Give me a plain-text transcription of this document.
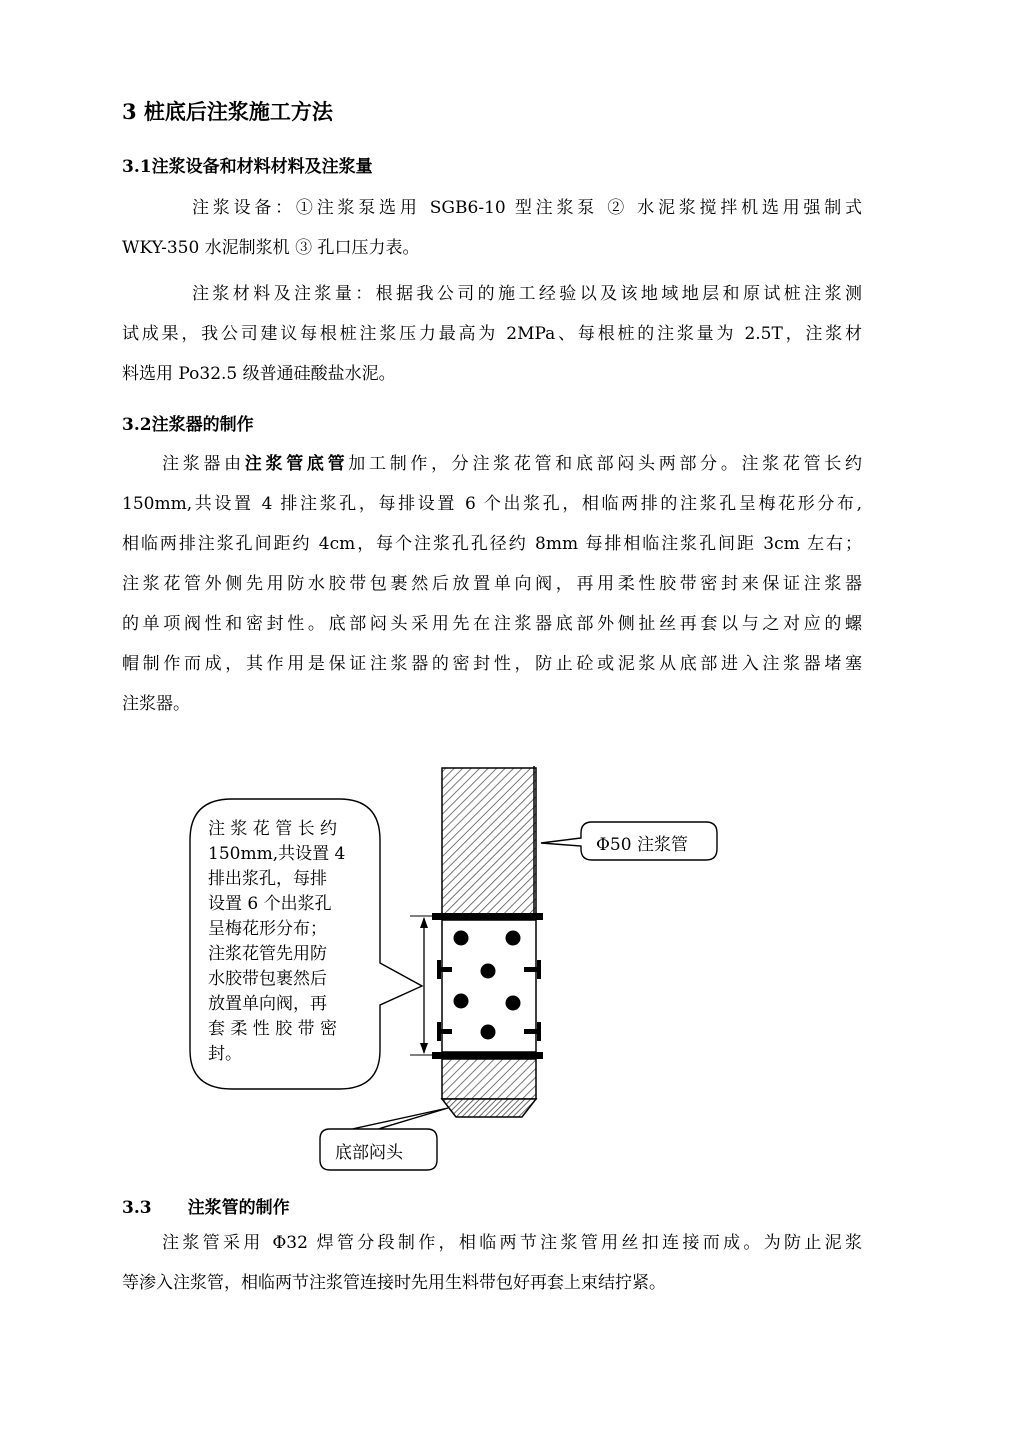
3 桩底后注浆施工方法
3.1注浆设备和材料材料及注浆量
注浆设备：①注浆泵选用 SGB6-10 型注浆泵 ② 水泥浆搅拌机选用强制式
WKY-350 水泥制浆机 ③ 孔口压力表。
注浆材料及注浆量：根据我公司的施工经验以及该地域地层和原试桩注浆测
试成果，我公司建议每根桩注浆压力最高为 2MPa、每根桩的注浆量为 2.5T，注浆材
料选用 Po32.5 级普通硅酸盐水泥。
3.2注浆器的制作
注浆器由注浆管底管加工制作，分注浆花管和底部闷头两部分。注浆花管长约
150mm,共设置 4 排注浆孔，每排设置 6 个出浆孔，相临两排的注浆孔呈梅花形分布,
相临两排注浆孔间距约 4cm，每个注浆孔孔径约 8mm 每排相临注浆孔间距 3cm 左右；
注浆花管外侧先用防水胶带包裹然后放置单向阀，再用柔性胶带密封来保证注浆器
的单项阀性和密封性。底部闷头采用先在注浆器底部外侧扯丝再套以与之对应的螺
帽制作而成，其作用是保证注浆器的密封性，防止砼或泥浆从底部进入注浆器堵塞
注浆器。
注 浆 花 管 长 约
150mm,共设置 4
排出浆孔，每排
设置 6 个出浆孔
呈梅花形分布；
注浆花管先用防
水胶带包裹然后
放置单向阀，再
套 柔 性 胶 带 密
封。
Φ50 注浆管
底部闷头
3.3 注浆管的制作
注浆管采用 Φ32 焊管分段制作，相临两节注浆管用丝扣连接而成。为防止泥浆
等渗入注浆管，相临两节注浆管连接时先用生料带包好再套上束结拧紧。
